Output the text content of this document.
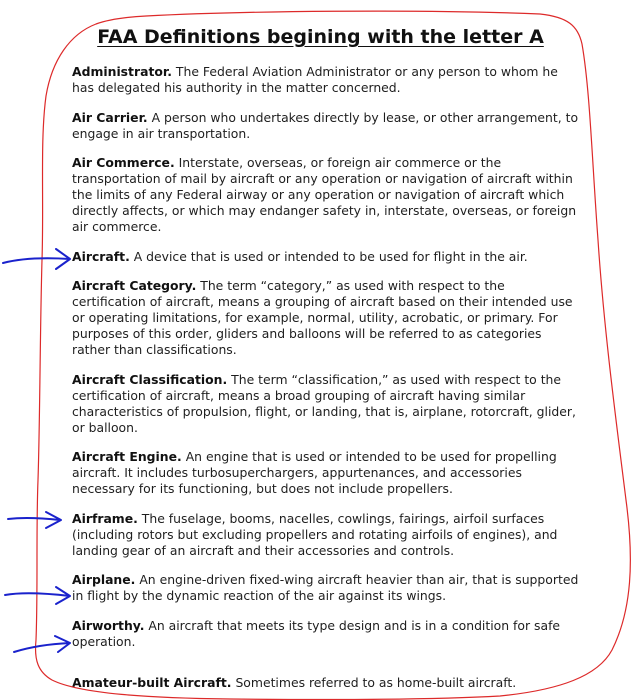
FAA Definitions begining with the letter A

Administrator. The Federal Aviation Administrator or any person to whom he has delegated his authority in the matter concerned.

Air Carrier. A person who undertakes directly by lease, or other arrangement, to engage in air transportation.

Air Commerce. Interstate, overseas, or foreign air commerce or the transportation of mail by aircraft or any operation or navigation of aircraft within the limits of any Federal airway or any operation or navigation of aircraft which directly affects, or which may endanger safety in, interstate, overseas, or foreign air commerce.

Aircraft. A device that is used or intended to be used for flight in the air.

Aircraft Category. The term “category,” as used with respect to the certification of aircraft, means a grouping of aircraft based on their intended use or operating limitations, for example, normal, utility, acrobatic, or primary. For purposes of this order, gliders and balloons will be referred to as categories rather than classifications.

Aircraft Classification. The term “classification,” as used with respect to the certification of aircraft, means a broad grouping of aircraft having similar characteristics of propulsion, flight, or landing, that is, airplane, rotorcraft, glider, or balloon.

Aircraft Engine. An engine that is used or intended to be used for propelling aircraft. It includes turbosuperchargers, appurtenances, and accessories necessary for its functioning, but does not include propellers.

Airframe. The fuselage, booms, nacelles, cowlings, fairings, airfoil surfaces (including rotors but excluding propellers and rotating airfoils of engines), and landing gear of an aircraft and their accessories and controls.

Airplane. An engine-driven fixed-wing aircraft heavier than air, that is supported in flight by the dynamic reaction of the air against its wings.

Airworthy. An aircraft that meets its type design and is in a condition for safe operation.

Amateur-built Aircraft. Sometimes referred to as home-built aircraft.
